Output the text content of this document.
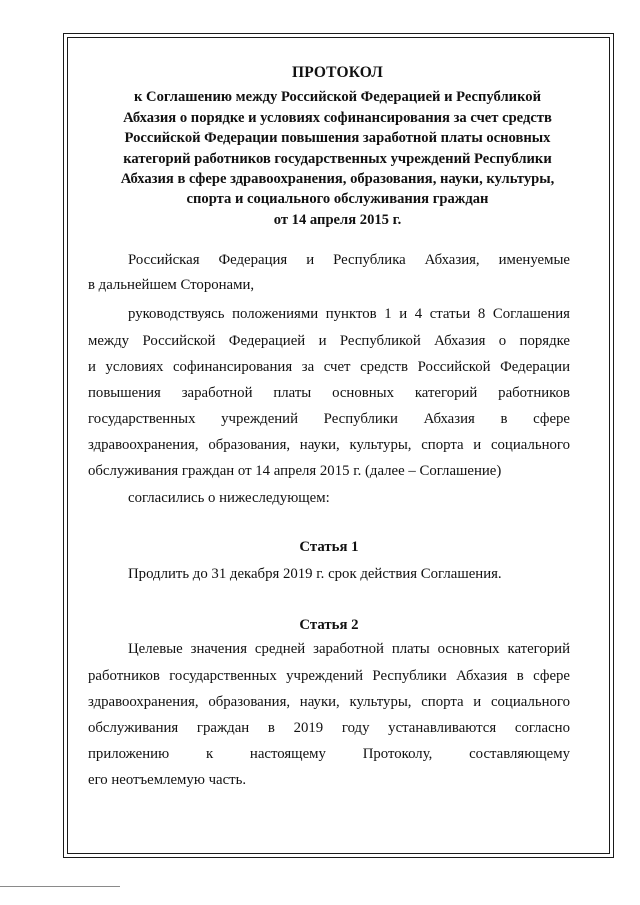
ПРОТОКОЛ
к Соглашению между Российской Федерацией и Республикой
Абхазия о порядке и условиях софинансирования за счет средств
Российской Федерации повышения заработной платы основных
категорий работников государственных учреждений Республики
Абхазия в сфере здравоохранения, образования, науки, культуры,
спорта и социального обслуживания граждан
от 14 апреля 2015 г.
Российская Федерация и Республика Абхазия, именуемые
в дальнейшем Сторонами,
руководствуясь положениями пунктов 1 и 4 статьи 8 Соглашения
между Российской Федерацией и Республикой Абхазия о порядке
и условиях софинансирования за счет средств Российской Федерации
повышения заработной платы основных категорий работников
государственных учреждений Республики Абхазия в сфере
здравоохранения, образования, науки, культуры, спорта и социального
обслуживания граждан от 14 апреля 2015 г. (далее – Соглашение)
согласились о нижеследующем:
Статья 1
Продлить до 31 декабря 2019 г. срок действия Соглашения.
Статья 2
Целевые значения средней заработной платы основных категорий
работников государственных учреждений Республики Абхазия в сфере
здравоохранения, образования, науки, культуры, спорта и социального
обслуживания граждан в 2019 году устанавливаются согласно
приложению к настоящему Протоколу, составляющему
его неотъемлемую часть.
